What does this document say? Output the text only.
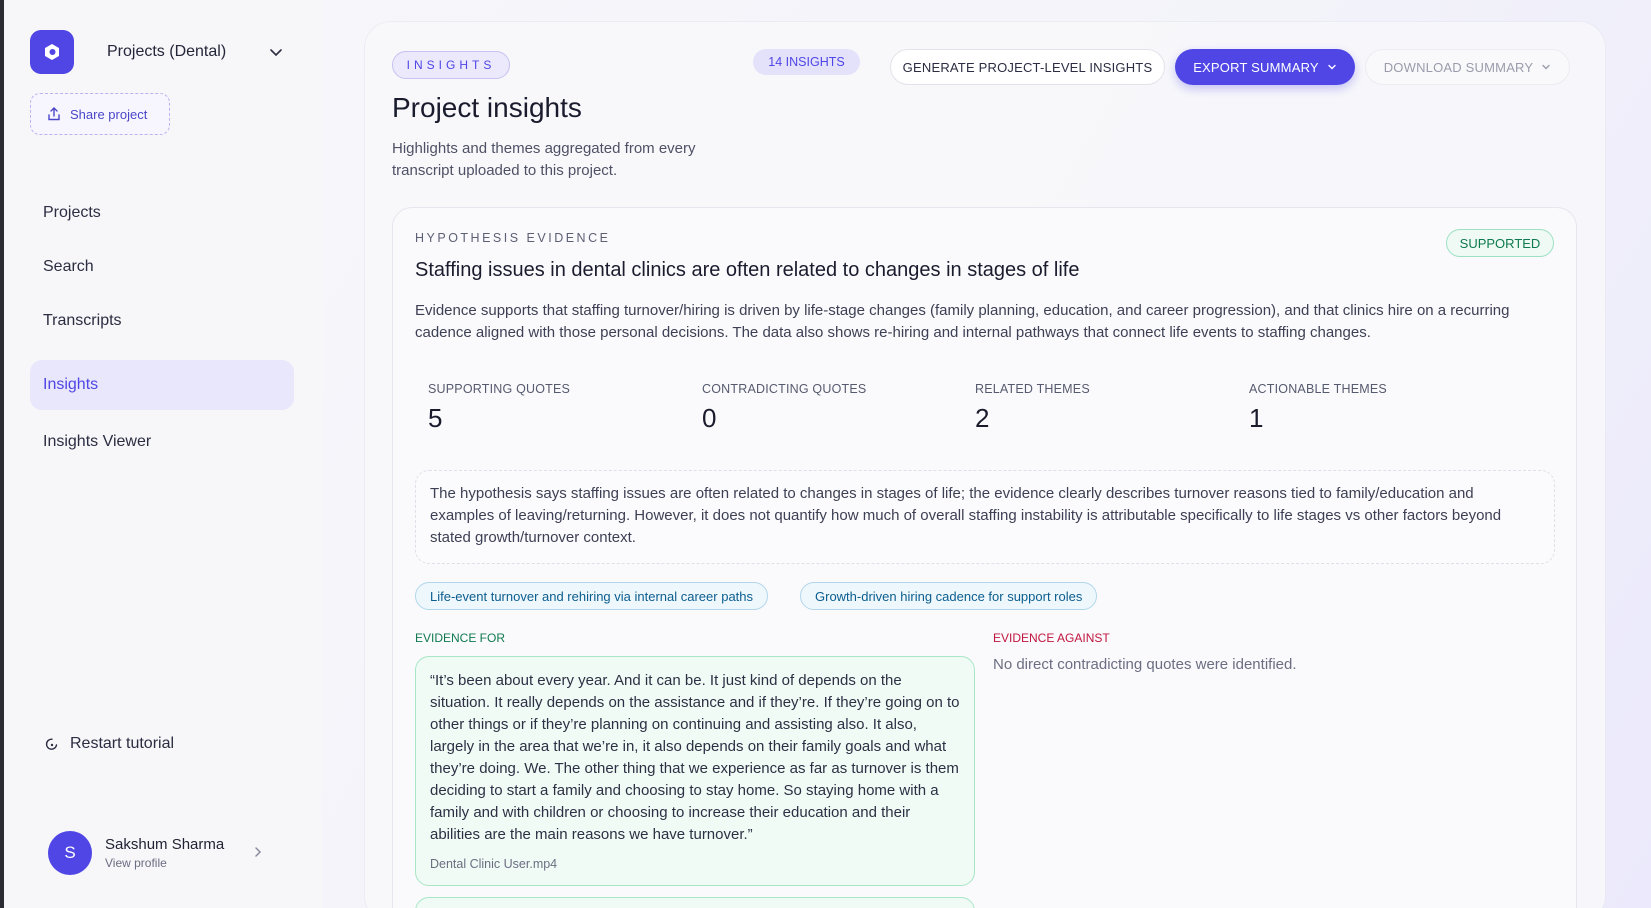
Projects (Dental)
Share project
Projects
Search
Transcripts
Insights
Insights Viewer
Restart tutorial
S	Sakshum Sharma
View profile
INSIGHTS	14 INSIGHTS	GENERATE PROJECT-LEVEL INSIGHTS	EXPORT SUMMARY	DOWNLOAD SUMMARY
Project insights

Highlights and themes aggregated from every transcript uploaded to this project.

HYPOTHESIS EVIDENCE	SUPPORTED
Staffing issues in dental clinics are often related to changes in stages of life

Evidence supports that staffing turnover/hiring is driven by life-stage changes (family planning, education, and career progression), and that clinics hire on a recurring cadence aligned with those personal decisions. The data also shows re-hiring and internal pathways that connect life events to staffing changes.

SUPPORTING QUOTES
5
CONTRADICTING QUOTES
0
RELATED THEMES
2
ACTIONABLE THEMES
1
The hypothesis says staffing issues are often related to changes in stages of life; the evidence clearly describes turnover reasons tied to family/education and examples of leaving/returning. However, it does not quantify how much of overall staffing instability is attributable specifically to life stages vs other factors beyond stated growth/turnover context.
Life-event turnover and rehiring via internal career paths	Growth-driven hiring cadence for support roles
EVIDENCE FOR	EVIDENCE AGAINST
No direct contradicting quotes were identified.
“It’s been about every year. And it can be. It just kind of depends on the situation. It really depends on the assistance and if they’re. If they’re going on to other things or if they’re planning on continuing and assisting also. It also, largely in the area that we’re in, it also depends on their family goals and what they’re doing. We. The other thing that we experience as far as turnover is them deciding to start a family and choosing to stay home. So staying home with a family and with children or choosing to increase their education and their abilities are the main reasons we have turnover.”
Dental Clinic User.mp4
